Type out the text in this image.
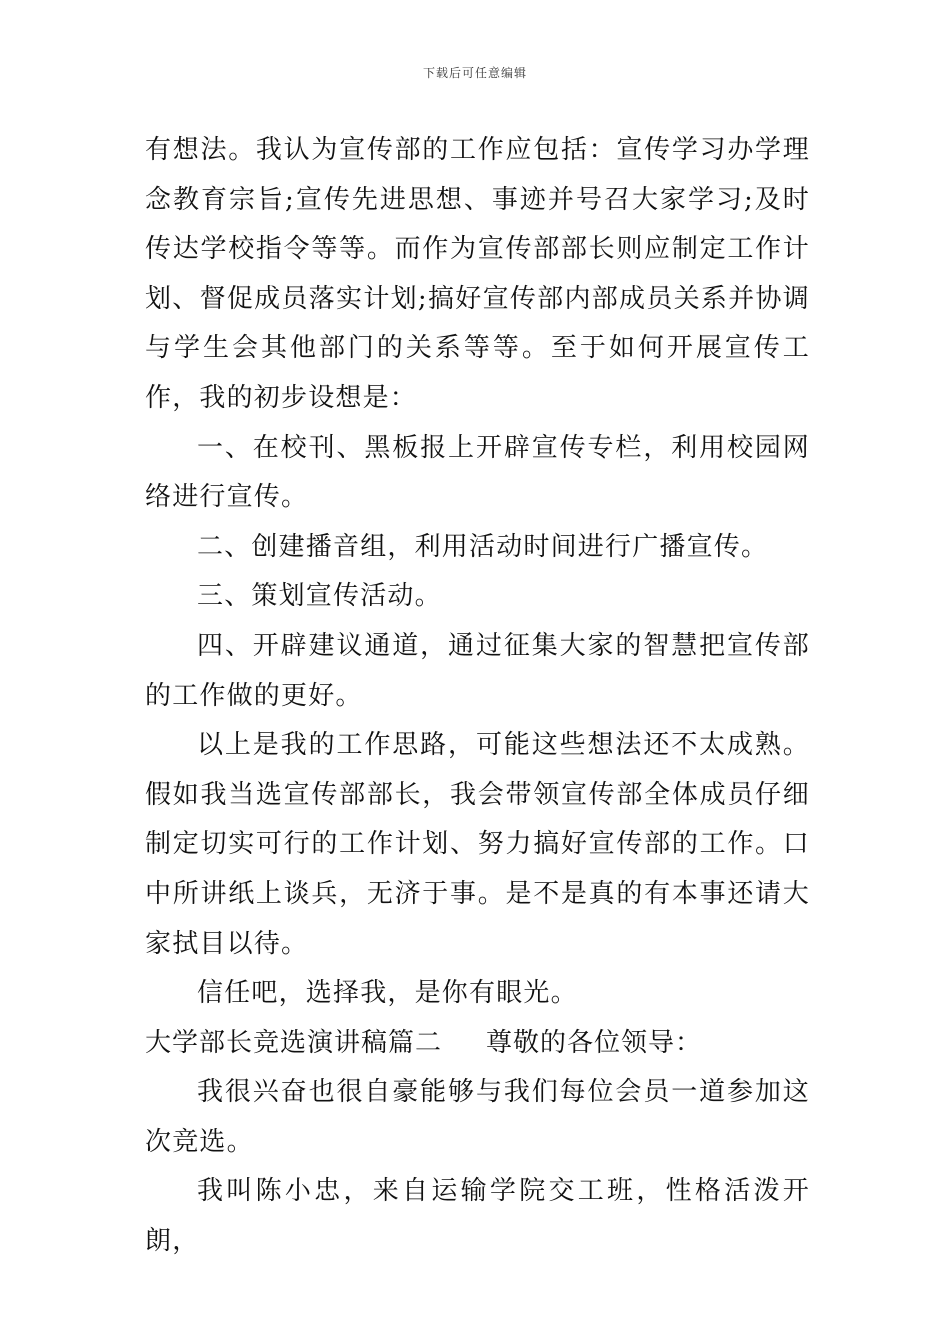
下载后可任意编辑

有想法。我认为宣传部的工作应包括：宣传学习办学理念教育宗旨;宣传先进思想、事迹并号召大家学习;及时传达学校指令等等。而作为宣传部部长则应制定工作计划、督促成员落实计划;搞好宣传部内部成员关系并协调与学生会其他部门的关系等等。至于如何开展宣传工作，我的初步设想是：

一、在校刊、黑板报上开辟宣传专栏，利用校园网络进行宣传。

二、创建播音组，利用活动时间进行广播宣传。

三、策划宣传活动。

四、开辟建议通道，通过征集大家的智慧把宣传部的工作做的更好。

以上是我的工作思路，可能这些想法还不太成熟。假如我当选宣传部部长，我会带领宣传部全体成员仔细制定切实可行的工作计划、努力搞好宣传部的工作。口中所讲纸上谈兵，无济于事。是不是真的有本事还请大家拭目以待。

信任吧，选择我，是你有眼光。

大学部长竞选演讲稿篇二 尊敬的各位领导：

我很兴奋也很自豪能够与我们每位会员一道参加这次竞选。

我叫陈小忠，来自运输学院交工班，性格活泼开朗，
